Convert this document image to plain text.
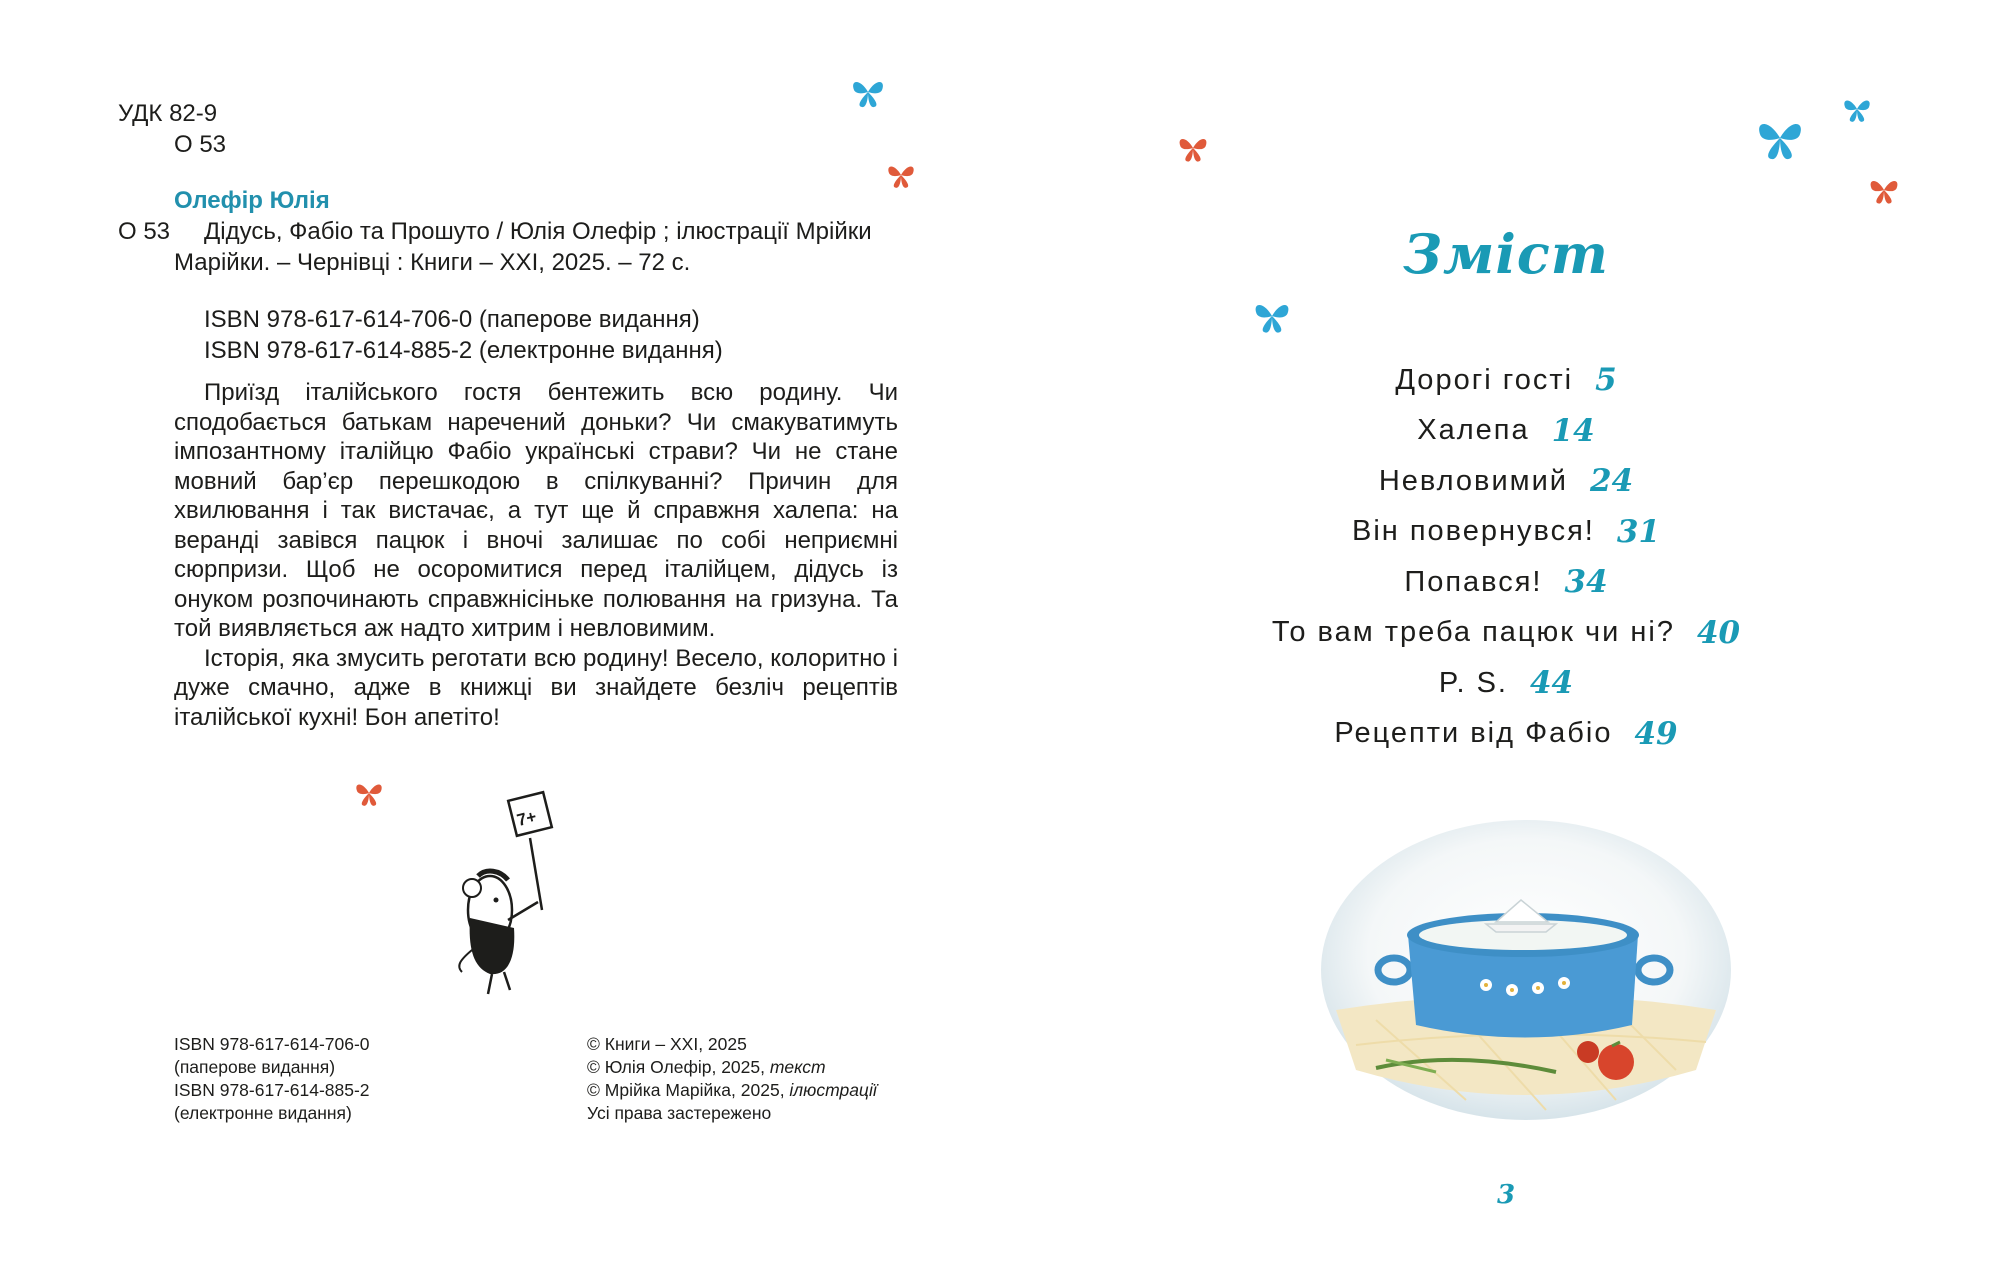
УДК 82-9
О 53
Олефір Юлія
О 53	Дідусь, Фабіо та Прошуто / Юлія Олефір ; ілюстрації Мрійки Марійки. – Чернівці : Книги – ХХІ, 2025. – 72 с.

ISBN 978-617-614-706-0 (паперове видання)
ISBN 978-617-614-885-2 (електронне видання)

Приїзд італійського гостя бентежить всю родину. Чи сподобається батькам наречений доньки? Чи смакуватимуть імпозантному італійцю Фабіо українські страви? Чи не стане мовний бар’єр перешкодою в спілкуванні? Причин для хвилювання і так вистачає, а тут ще й справжня халепа: на веранді завівся пацюк і вночі залишає по собі неприємні сюрпризи. Щоб не осоромитися перед італійцем, дідусь із онуком розпочинають справжнісіньке полювання на гризуна. Та той виявляється аж надто хитрим і невловимим.

Історія, яка змусить реготати всю родину! Весело, колоритно і дуже смачно, адже в книжці ви знайдете безліч рецептів італійської кухні! Бон апетіто!

7+
ISBN 978-617-614-706-0
(паперове видання)
ISBN 978-617-614-885-2
(електронне видання)
© Книги – ХХІ, 2025
© Юлія Олефір, 2025, текст
© Мрійка Марійка, 2025, ілюстрації
Усі права застережено
Зміст
Дорогі гості 5
Халепа 14
Невловимий 24
Він повернувся! 31
Попався! 34
То вам треба пацюк чи ні? 40
P. S. 44
Рецепти від Фабіо 49
3
